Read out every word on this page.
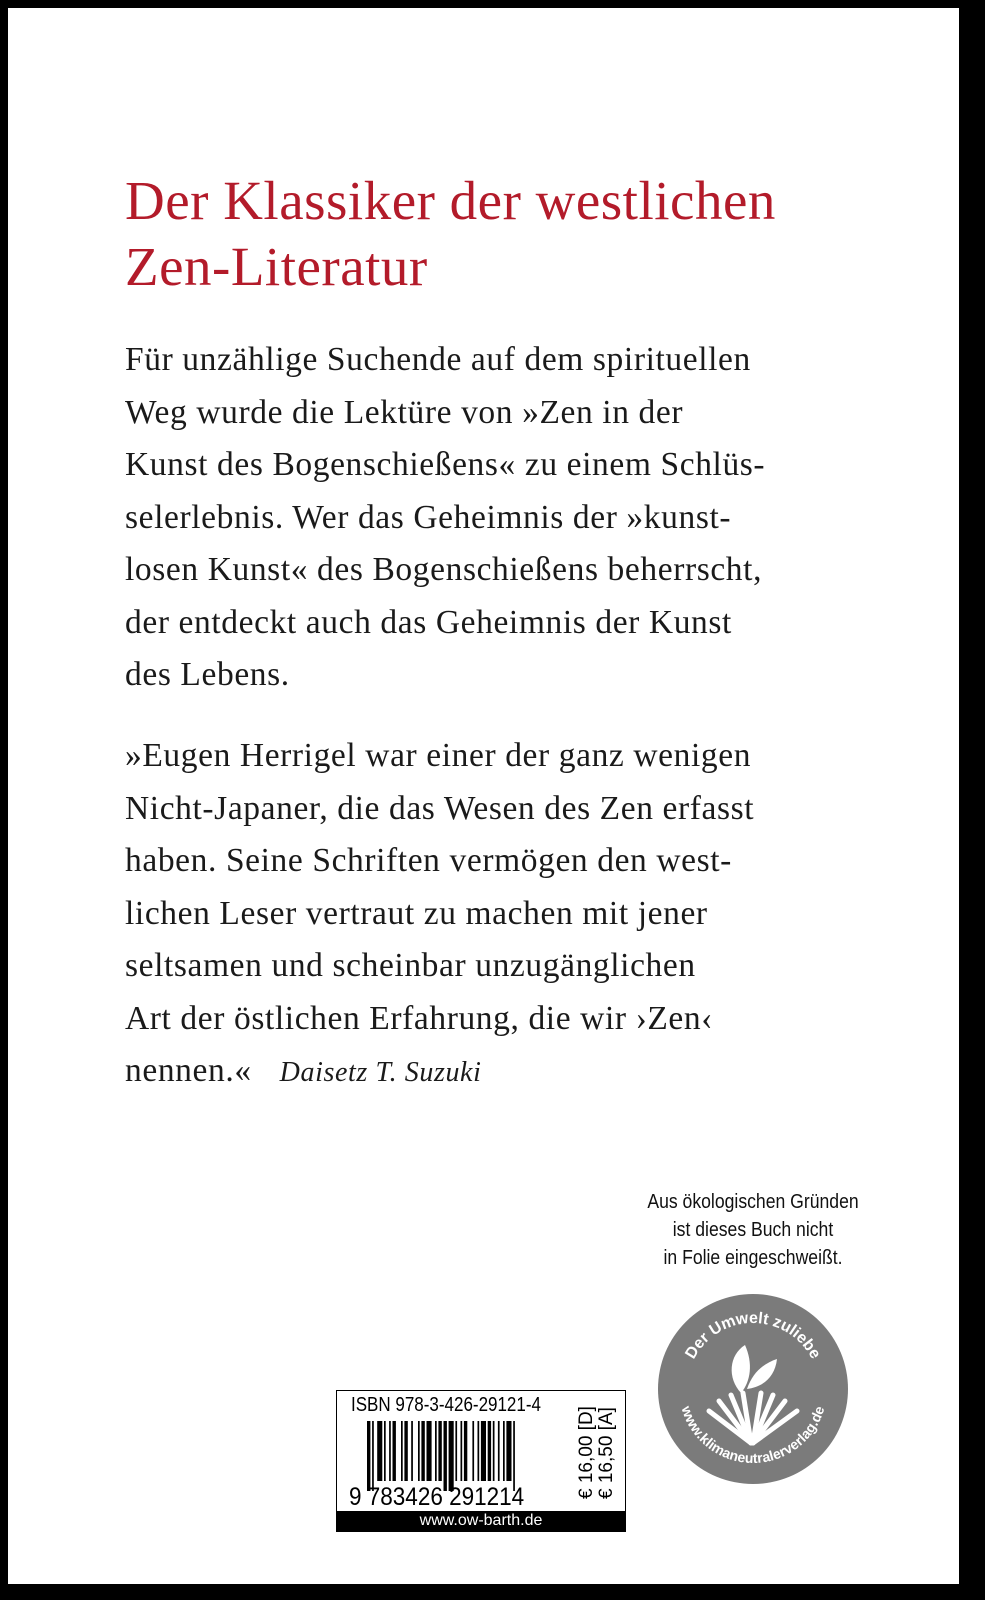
Der Klassiker der westlichen
Zen-Literatur
Für unzählige Suchende auf dem spirituellen
Weg wurde die Lektüre von »Zen in der
Kunst des Bogenschießens« zu einem Schlüs-
selerlebnis. Wer das Geheimnis der »kunst-
losen Kunst« des Bogenschießens beherrscht,
der entdeckt auch das Geheimnis der Kunst
des Lebens.
»Eugen Herrigel war einer der ganz wenigen
Nicht-Japaner, die das Wesen des Zen erfasst
haben. Seine Schriften vermögen den west-
lichen Leser vertraut zu machen mit jener
seltsamen und scheinbar unzugänglichen
Art der östlichen Erfahrung, die wir ›Zen‹
nennen.« Daisetz T. Suzuki
Aus ökologischen Gründen
ist dieses Buch nicht
in Folie eingeschweißt.
Der Umwelt zuliebe
www.klimaneutralerverlag.de
ISBN 978-3-426-29121-4
9 783426 291214	€ 16,00 [D] € 16,50 [A]
www.ow-barth.de
